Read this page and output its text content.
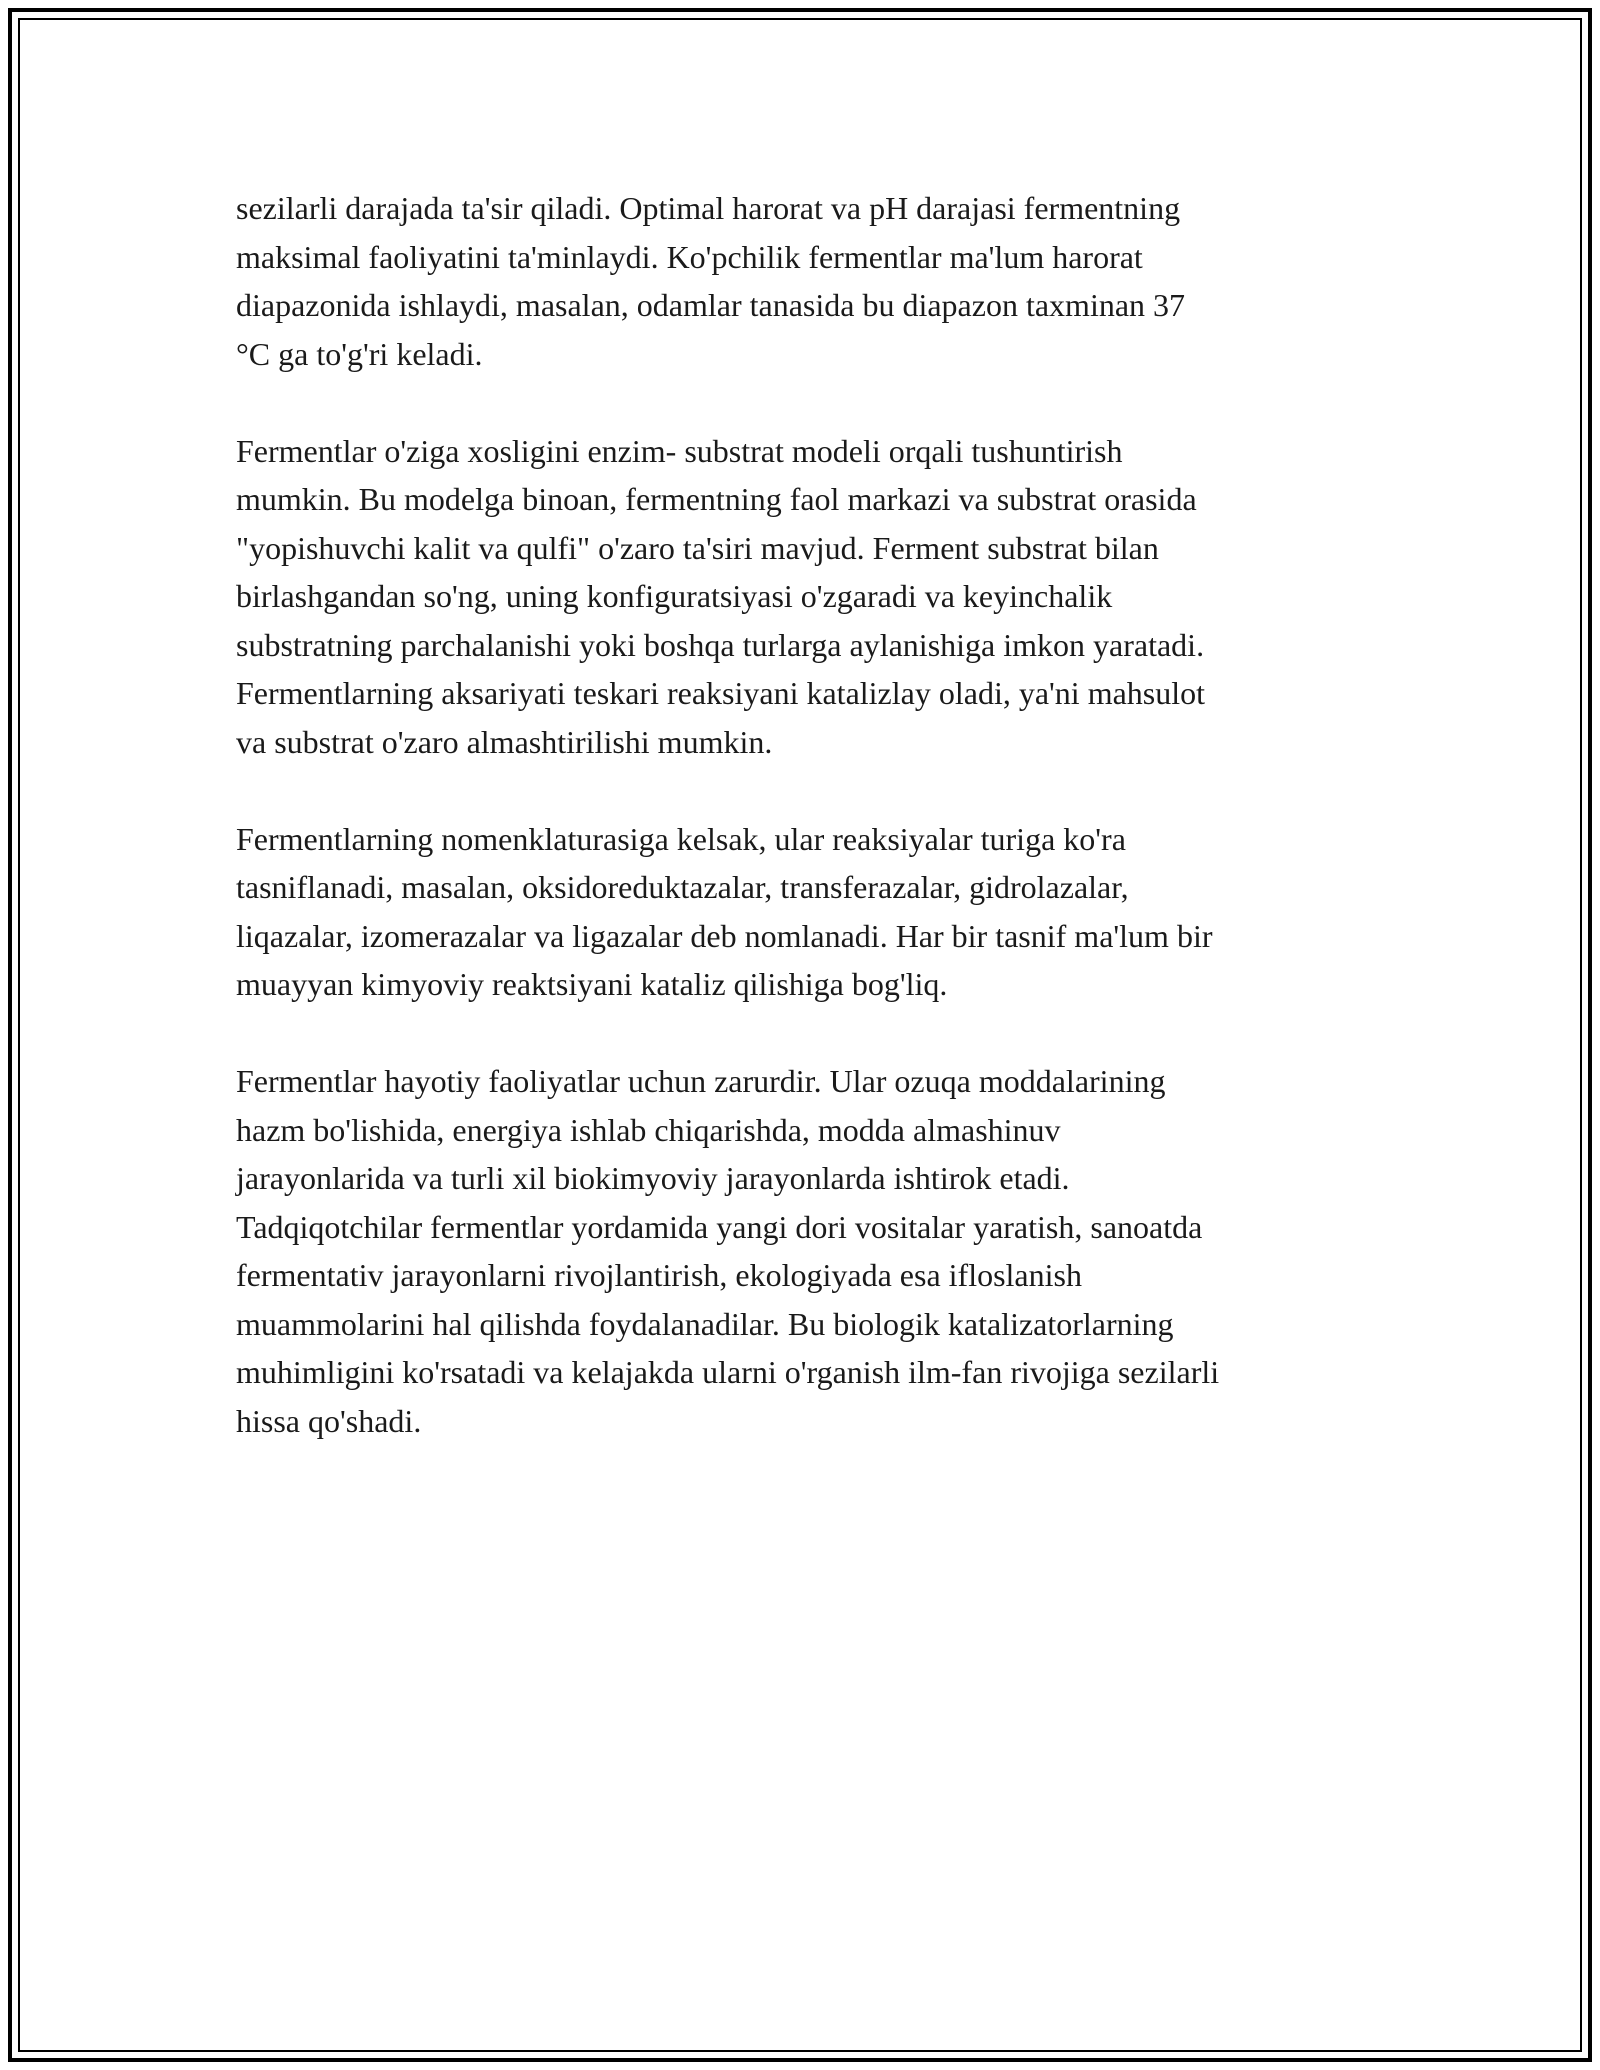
sezilarli darajada ta'sir qiladi. Optimal harorat va pH darajasi fermentning
maksimal faoliyatini ta'minlaydi. Ko'pchilik fermentlar ma'lum harorat
diapazonida ishlaydi, masalan, odamlar tanasida bu diapazon taxminan 37
°C ga to'g'ri keladi.

Fermentlar o'ziga xosligini enzim- substrat modeli orqali tushuntirish
mumkin. Bu modelga binoan, fermentning faol markazi va substrat orasida
"yopishuvchi kalit va qulfi" o'zaro ta'siri mavjud. Ferment substrat bilan
birlashgandan so'ng, uning konfiguratsiyasi o'zgaradi va keyinchalik
substratning parchalanishi yoki boshqa turlarga aylanishiga imkon yaratadi.
Fermentlarning aksariyati teskari reaksiyani katalizlay oladi, ya'ni mahsulot
va substrat o'zaro almashtirilishi mumkin.

Fermentlarning nomenklaturasiga kelsak, ular reaksiyalar turiga ko'ra
tasniflanadi, masalan, oksidoreduktazalar, transferazalar, gidrolazalar,
liqazalar, izomerazalar va ligazalar deb nomlanadi. Har bir tasnif ma'lum bir
muayyan kimyoviy reaktsiyani kataliz qilishiga bog'liq.

Fermentlar hayotiy faoliyatlar uchun zarurdir. Ular ozuqa moddalarining
hazm bo'lishida, energiya ishlab chiqarishda, modda almashinuv
jarayonlarida va turli xil biokimyoviy jarayonlarda ishtirok etadi.
Tadqiqotchilar fermentlar yordamida yangi dori vositalar yaratish, sanoatda
fermentativ jarayonlarni rivojlantirish, ekologiyada esa ifloslanish
muammolarini hal qilishda foydalanadilar. Bu biologik katalizatorlarning
muhimligini ko'rsatadi va kelajakda ularni o'rganish ilm-fan rivojiga sezilarli
hissa qo'shadi.
